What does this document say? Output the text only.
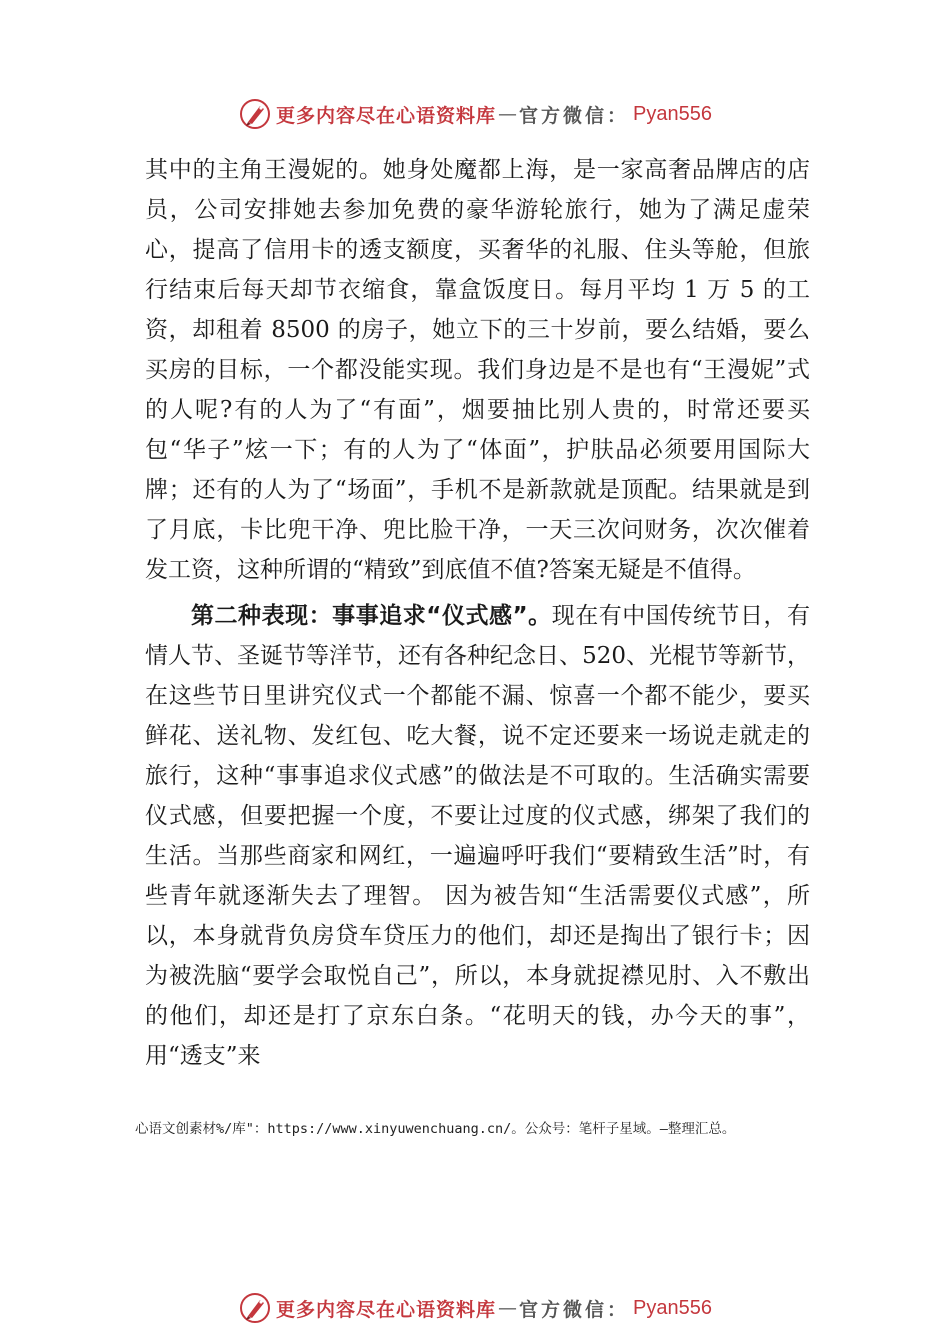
更多内容尽在心语资料库 — 官方微信： Pyan556

其中的主角王漫妮的。她身处魔都上海，是一家高奢品牌店的店员，公司安排她去参加免费的豪华游轮旅行，她为了满足虚荣心，提高了信用卡的透支额度，买奢华的礼服、住头等舱，但旅行结束后每天却节衣缩食，靠盒饭度日。每月平均 1 万 5 的工资，却租着 8500 的房子，她立下的三十岁前，要么结婚，要么买房的目标，一个都没能实现。我们身边是不是也有“王漫妮”式的人呢?有的人为了“有面”，烟要抽比别人贵的，时常还要买包“华子”炫一下；有的人为了“体面”，护肤品必须要用国际大牌；还有的人为了“场面”，手机不是新款就是顶配。结果就是到了月底，卡比兜干净、兜比脸干净，一天三次问财务，次次催着发工资，这种所谓的“精致”到底值不值?答案无疑是不值得。

第二种表现：事事追求“仪式感”。现在有中国传统节日，有情人节、圣诞节等洋节，还有各种纪念日、520、光棍节等新节，在这些节日里讲究仪式一个都能不漏、惊喜一个都不能少，要买鲜花、送礼物、发红包、吃大餐，说不定还要来一场说走就走的旅行，这种“事事追求仪式感”的做法是不可取的。生活确实需要仪式感，但要把握一个度，不要让过度的仪式感，绑架了我们的生活。当那些商家和网红，一遍遍呼吁我们“要精致生活”时，有些青年就逐渐失去了理智。 因为被告知“生活需要仪式感”，所以，本身就背负房贷车贷压力的他们，却还是掏出了银行卡；因为被洗脑“要学会取悦自己”，所以，本身就捉襟见肘、入不敷出的他们，却还是打了京东白条。“花明天的钱，办今天的事”，用“透支”来

心语文创素材%/库"：https://www.xinyuwenchuang.cn/。公众号：笔杆子星域。—整理汇总。
更多内容尽在心语资料库 — 官方微信： Pyan556
